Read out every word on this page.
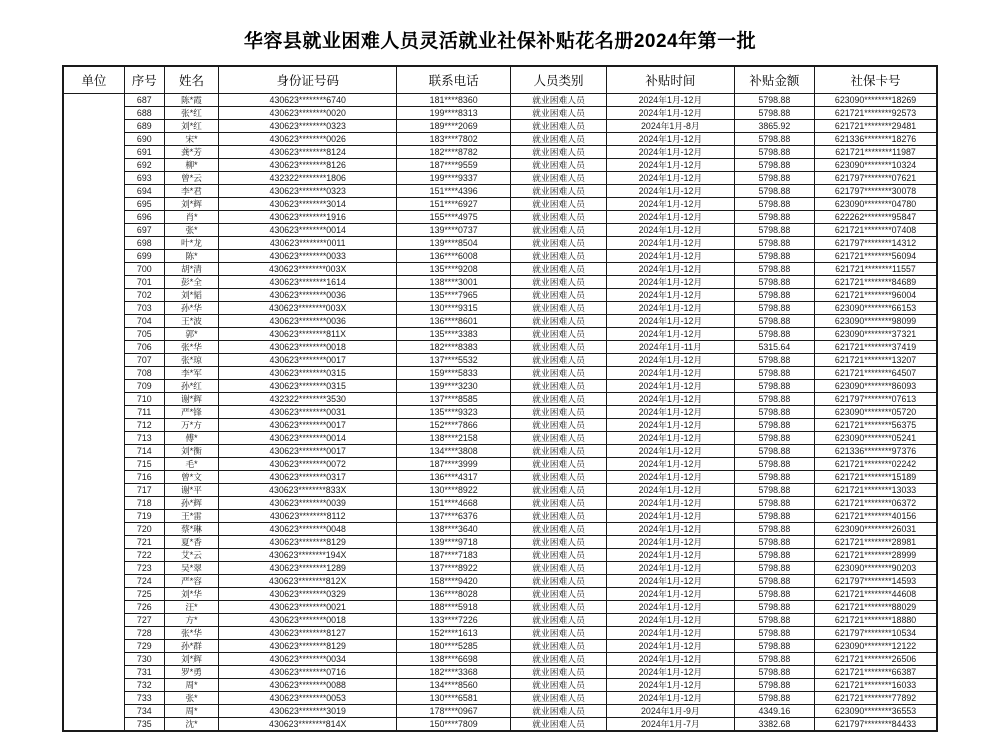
华容县就业困难人员灵活就业社保补贴花名册2024年第一批
单位	序号	姓名	身份证号码	联系电话	人员类别	补贴时间	补贴金额	社保卡号
	687	陈*霞	430623********6740	181****8360	就业困难人员	2024年1月-12月	5798.88	623090********18269
	688	张*红	430623********0020	199****8313	就业困难人员	2024年1月-12月	5798.88	621721********92573
	689	刘*红	430623********0323	189****2069	就业困难人员	2024年1月-8月	3865.92	621721********29481
	690	宋*	430623********0026	183****7802	就业困难人员	2024年1月-12月	5798.88	621336********18276
	691	龚*芳	430623********8124	182****8782	就业困难人员	2024年1月-12月	5798.88	621721********11987
	692	柳*	430623********8126	187****9559	就业困难人员	2024年1月-12月	5798.88	623090********10324
	693	曾*云	432322********1806	199****9337	就业困难人员	2024年1月-12月	5798.88	621797********07621
	694	李*君	430623********0323	151****4396	就业困难人员	2024年1月-12月	5798.88	621797********30078
	695	刘*辉	430623********3014	151****6927	就业困难人员	2024年1月-12月	5798.88	623090********04780
	696	肖*	430623********1916	155****4975	就业困难人员	2024年1月-12月	5798.88	622262********95847
	697	张*	430623********0014	139****0737	就业困难人员	2024年1月-12月	5798.88	621721********07408
	698	叶*龙	430623********0011	139****8504	就业困难人员	2024年1月-12月	5798.88	621797********14312
	699	陈*	430623********0033	136****6008	就业困难人员	2024年1月-12月	5798.88	621721********56094
	700	胡*清	430623********003X	135****9208	就业困难人员	2024年1月-12月	5798.88	621721********11557
	701	彭*全	430623********1614	138****3001	就业困难人员	2024年1月-12月	5798.88	621721********84689
	702	刘*韬	430623********0036	135****7965	就业困难人员	2024年1月-12月	5798.88	621721********96004
	703	孙*华	430623********003X	130****9315	就业困难人员	2024年1月-12月	5798.88	623090********66153
	704	王*波	430623********0036	136****8601	就业困难人员	2024年1月-12月	5798.88	623090********98099
	705	郭*	430623********811X	135****3383	就业困难人员	2024年1月-12月	5798.88	623090********37321
	706	张*华	430623********0018	182****8383	就业困难人员	2024年1月-11月	5315.64	621721********37419
	707	张*琼	430623********0017	137****5532	就业困难人员	2024年1月-12月	5798.88	621721********13207
	708	李*军	430623********0315	159****5833	就业困难人员	2024年1月-12月	5798.88	621721********64507
	709	孙*红	430623********0315	139****3230	就业困难人员	2024年1月-12月	5798.88	623090********86093
	710	谢*辉	432322********3530	137****8585	就业困难人员	2024年1月-12月	5798.88	621797********07613
	711	严*锋	430623********0031	135****9323	就业困难人员	2024年1月-12月	5798.88	623090********05720
	712	万*方	430623********0017	152****7866	就业困难人员	2024年1月-12月	5798.88	621721********56375
	713	傅*	430623********0014	138****2158	就业困难人员	2024年1月-12月	5798.88	623090********05241
	714	刘*衡	430623********0017	134****3808	就业困难人员	2024年1月-12月	5798.88	621336********97376
	715	毛*	430623********0072	187****3999	就业困难人员	2024年1月-12月	5798.88	621721********02242
	716	曾*文	430623********0317	136****4317	就业困难人员	2024年1月-12月	5798.88	621721********15189
	717	谢*平	430623********833X	130****8922	就业困难人员	2024年1月-12月	5798.88	621721********13033
	718	孙*辉	430623********0039	151****4668	就业困难人员	2024年1月-12月	5798.88	621721********06372
	719	王*雷	430623********8112	137****6376	就业困难人员	2024年1月-12月	5798.88	621721********40156
	720	蔡*琳	430623********0048	138****3640	就业困难人员	2024年1月-12月	5798.88	623090********26031
	721	夏*香	430623********8129	139****9718	就业困难人员	2024年1月-12月	5798.88	621721********28981
	722	艾*云	430623********194X	187****7183	就业困难人员	2024年1月-12月	5798.88	621721********28999
	723	吴*翠	430623********1289	137****8922	就业困难人员	2024年1月-12月	5798.88	623090********90203
	724	严*容	430623********812X	158****9420	就业困难人员	2024年1月-12月	5798.88	621797********14593
	725	刘*华	430623********0329	136****8028	就业困难人员	2024年1月-12月	5798.88	621721********44608
	726	汪*	430623********0021	188****5918	就业困难人员	2024年1月-12月	5798.88	621721********88029
	727	方*	430623********0018	133****7226	就业困难人员	2024年1月-12月	5798.88	621721********18880
	728	张*华	430623********8127	152****1613	就业困难人员	2024年1月-12月	5798.88	621797********10534
	729	孙*群	430623********8129	180****5285	就业困难人员	2024年1月-12月	5798.88	623090********12122
	730	刘*辉	430623********0034	138****6698	就业困难人员	2024年1月-12月	5798.88	621721********26506
	731	罗*勇	430623********0716	182****3368	就业困难人员	2024年1月-12月	5798.88	621721********66387
	732	周*	430623********0088	134****8560	就业困难人员	2024年1月-12月	5798.88	621721********16033
	733	张*	430623********0053	130****6581	就业困难人员	2024年1月-12月	5798.88	621721********77892
	734	周*	430623********3019	178****0967	就业困难人员	2024年1月-9月	4349.16	623090********36553
	735	沈*	430623********814X	150****7809	就业困难人员	2024年1月-7月	3382.68	621797********84433
